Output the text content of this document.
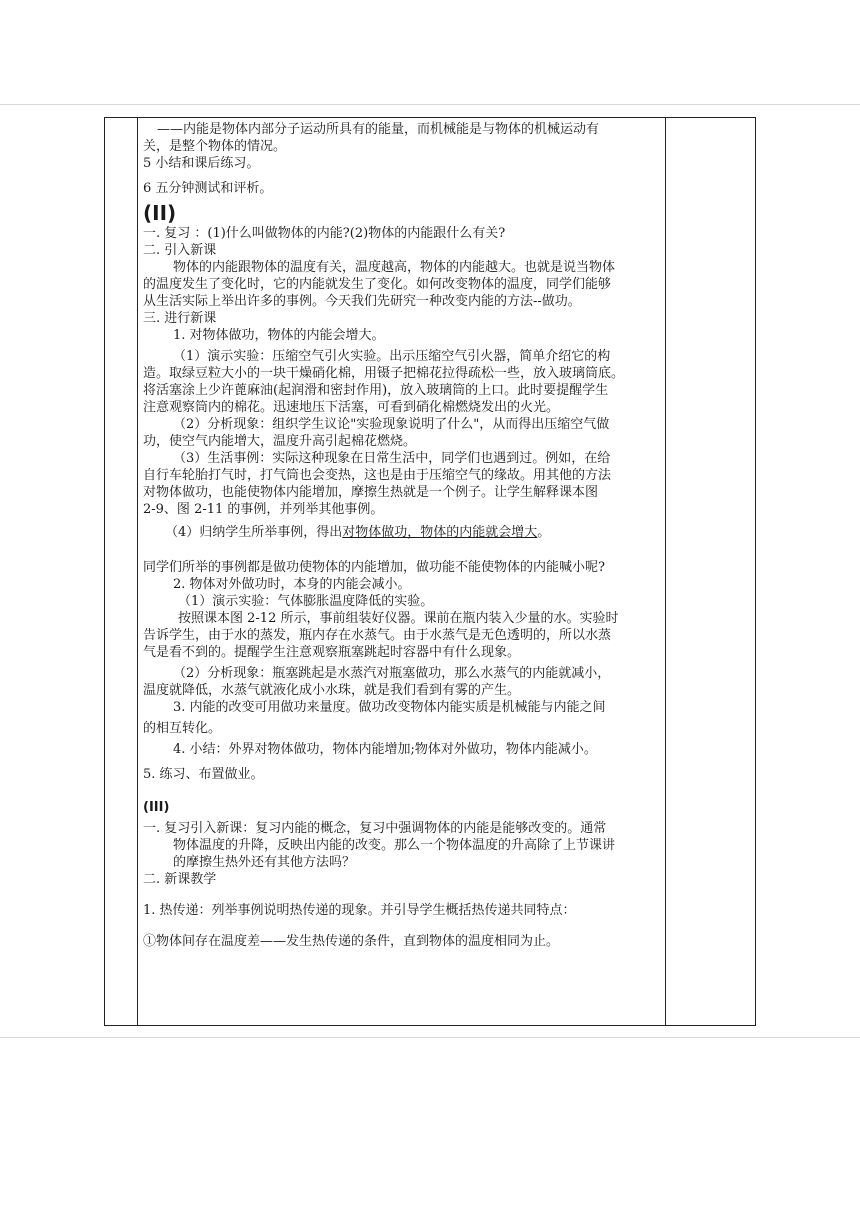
——内能是物体内部分子运动所具有的能量，而机械能是与物体的机械运动有
关，是整个物体的情况。
5 小结和课后练习。
6 五分钟测试和评析。
(II)
一. 复习 ：(1)什么叫做物体的内能?(2)物体的内能跟什么有关?
二. 引入新课
物体的内能跟物体的温度有关，温度越高，物体的内能越大。也就是说当物体
的温度发生了变化时，它的内能就发生了变化。如何改变物体的温度，同学们能够
从生活实际上举出许多的事例。今天我们先研究一种改变内能的方法--做功。
三. 进行新课
1. 对物体做功，物体的内能会增大。
（1）演示实验：压缩空气引火实验。出示压缩空气引火器，简单介绍它的构
造。取绿豆粒大小的一块干燥硝化棉，用镊子把棉花拉得疏松一些，放入玻璃筒底。
将活塞涂上少许蓖麻油(起润滑和密封作用)，放入玻璃筒的上口。此时要提醒学生
注意观察筒内的棉花。迅速地压下活塞，可看到硝化棉燃烧发出的火光。
（2）分析现象：组织学生议论"实验现象说明了什么"，从而得出压缩空气做
功，使空气内能增大，温度升高引起棉花燃烧。
（3）生活事例：实际这种现象在日常生活中，同学们也遇到过。例如，在给
自行车轮胎打气时，打气筒也会变热，这也是由于压缩空气的缘故。用其他的方法
对物体做功，也能使物体内能增加，摩擦生热就是一个例子。让学生解释课本图
2-9、图 2-11 的事例，并列举其他事例。
（4）归纳学生所举事例，得出对物体做功，物体的内能就会增大。
同学们所举的事例都是做功使物体的内能增加，做功能不能使物体的内能喊小呢?
2. 物体对外做功时，本身的内能会减小。
（1）演示实验：气体膨胀温度降低的实验。
按照课本图 2-12 所示，事前组装好仪器。课前在瓶内装入少量的水。实验时
告诉学生，由于水的蒸发，瓶内存在水蒸气。由于水蒸气是无色透明的，所以水蒸
气是看不到的。提醒学生注意观察瓶塞跳起时容器中有什么现象。
（2）分析现象：瓶塞跳起是水蒸汽对瓶塞做功，那么水蒸气的内能就减小，
温度就降低，水蒸气就液化成小水珠，就是我们看到有雾的产生。
3. 内能的改变可用做功来量度。做功改变物体内能实质是机械能与内能之间
的相互转化。
4. 小结：外界对物体做功，物体内能增加;物体对外做功，物体内能减小。
5. 练习、布置做业。
(III)
一. 复习引入新课：复习内能的概念，复习中强调物体的内能是能够改变的。通常
物体温度的升降，反映出内能的改变。那么一个物体温度的升高除了上节课讲
的摩擦生热外还有其他方法吗？
二. 新课教学
1. 热传递：列举事例说明热传递的现象。并引导学生概括热传递共同特点：
①物体间存在温度差——发生热传递的条件，直到物体的温度相同为止。
